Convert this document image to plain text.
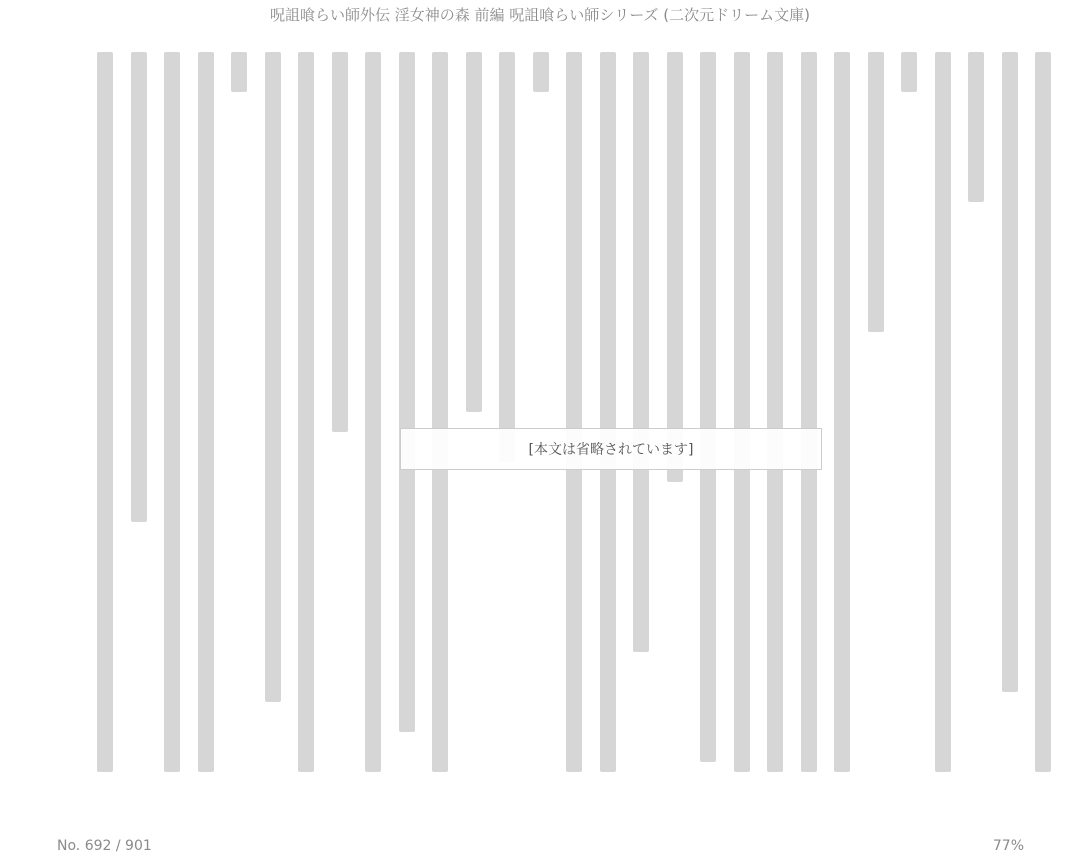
呪詛喰らい師外伝 淫女神の森 前編 呪詛喰らい師シリーズ (二次元ドリーム文庫)
[本文は省略されています]
No. 692 / 901	77%
